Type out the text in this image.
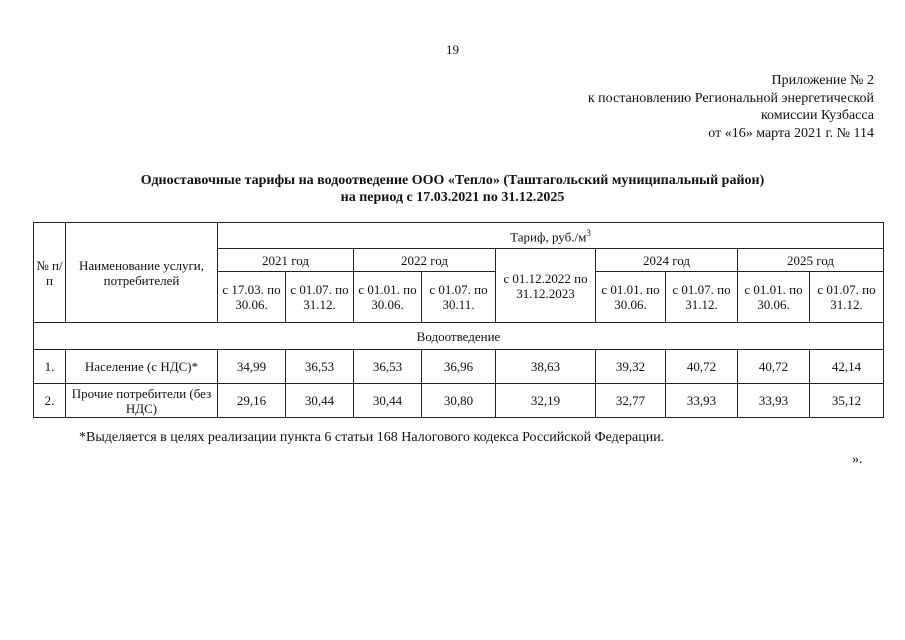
19
Приложение № 2
к постановлению Региональной энергетической
комиссии Кузбасса
от «16» марта 2021 г. № 114
Одноставочные тарифы на водоотведение ООО «Тепло» (Таштагольский муниципальный район)
на период с 17.03.2021 по 31.12.2025
№ п/п	Наименование услуги, потребителей	Тариф, $руб./м^3$
		2021 год		2022 год		с 01.12.2022 по 31.12.2023	2024 год		2025 год	
		с 17.03. по 30.06.	с 01.07. по 31.12.	с 01.01. по 30.06.	с 01.07. по 30.11.		с 01.01. по 30.06.	с 01.07. по 31.12.	с 01.01. по 30.06.	с 01.07. по 31.12.
Водоотведение										
1.	Население (с НДС)*	34,99	36,53	36,53	36,96	38,63	39,32	40,72	40,72	42,14
2.	Прочие потребители (без НДС)	29,16	30,44	30,44	30,80	32,19	32,77	33,93	33,93	35,12
*Выделяется в целях реализации пункта 6 статьи 168 Налогового кодекса Российской Федерации.
».
